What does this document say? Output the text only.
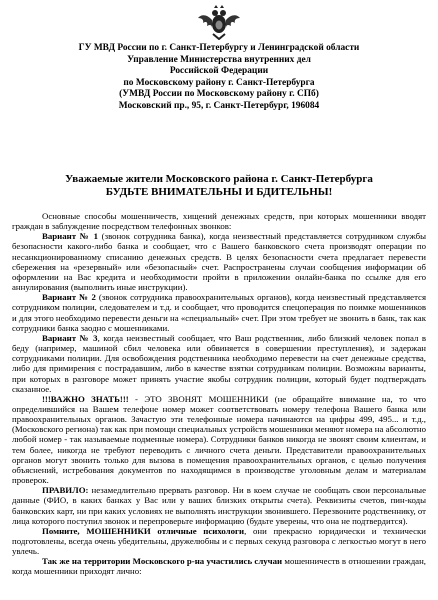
ГУ МВД России по г. Санкт-Петербургу и Ленинградской области
Управление Министерства внутренних дел
Российской Федерации
по Московскому району г. Санкт-Петербурга
(УМВД России по Московскому району г. СПб)
Московский пр., 95, г. Санкт-Петербург, 196084
Уважаемые жители Московского района г. Санкт-Петербурга
БУДЬТЕ ВНИМАТЕЛЬНЫ И БДИТЕЛЬНЫ!

Основные способы мошенничеств, хищений денежных средств, при которых мошенники вводят граждан в заблуждение посредством телефонных звонков:

Вариант № 1 (звонок сотрудника банка), когда неизвестный представляется сотрудником службы безопасности какого-либо банка и сообщает, что с Вашего банковского счета производят операции по несанкционированному списанию денежных средств. В целях безопасности счета предлагает перевести сбережения на «резервный» или «безопасный» счет. Распространены случаи сообщения информации об оформлении на Вас кредита и необходимости пройти в приложении онлайн-банка по ссылке для его аннулирования (выполнить иные инструкции).

Вариант № 2 (звонок сотрудника правоохранительных органов), когда неизвестный представляется сотрудником полиции, следователем и т.д. и сообщает, что проводится спецоперация по поимке мошенников и для этого необходимо перевести деньги на «специальный» счет. При этом требует не звонить в банк, так как сотрудники банка заодно с мошенниками.

Вариант № 3, когда неизвестный сообщает, что Ваш родственник, либо близкий человек попал в беду (например, машиной сбил человека или обвиняется в совершении преступления), и задержан сотрудниками полиции. Для освобождения родственника необходимо перевести на счет денежные средства, либо для примирения с пострадавшим, либо в качестве взятки сотрудникам полиции. Возможны варианты, при которых в разговоре может принять участие якобы сотрудник полиции, который будет подтверждать сказанное.

!!!ВАЖНО ЗНАТЬ!!! - ЭТО ЗВОНЯТ МОШЕННИКИ (не обращайте внимание на, то что определившийся на Вашем телефоне номер может соответствовать номеру телефона Вашего банка или правоохранительных органов. Зачастую эти телефонные номера начинаются на цифры 499, 495... и т.д., (Московского региона) так как при помощи специальных устройств мошенники меняют номера на абсолютно любой номер - так называемые подменные номера). Сотрудники банков никогда не звонят своим клиентам, и тем более, никогда не требуют переводить с личного счета деньги. Представители правоохранительных органов могут звонить только для вызова в помещения правоохранительных органов, с целью получения объяснений, истребования документов по находящимся в производстве уголовным делам и материалам проверок.

ПРАВИЛО: незамедлительно прервать разговор. Ни в коем случае не сообщать свои персональные данные (ФИО, в каких банках у Вас или у ваших близких открыты счета). Реквизиты счетов, пин-коды банковских карт, ни при каких условиях не выполнять инструкции звонившего. Перезвоните родственнику, от лица которого поступил звонок и перепроверьте информацию (будьте уверены, что она не подтвердится).

Помните, МОШЕННИКИ отличные психологи, они прекрасно юридически и технически подготовлены, всегда очень убедительны, дружелюбны и с первых секунд разговора с легкостью могут в него увлечь.

Так же на территории Московского р-на участились случаи мошенничеств в отношении граждан, когда мошенники приходят лично:
